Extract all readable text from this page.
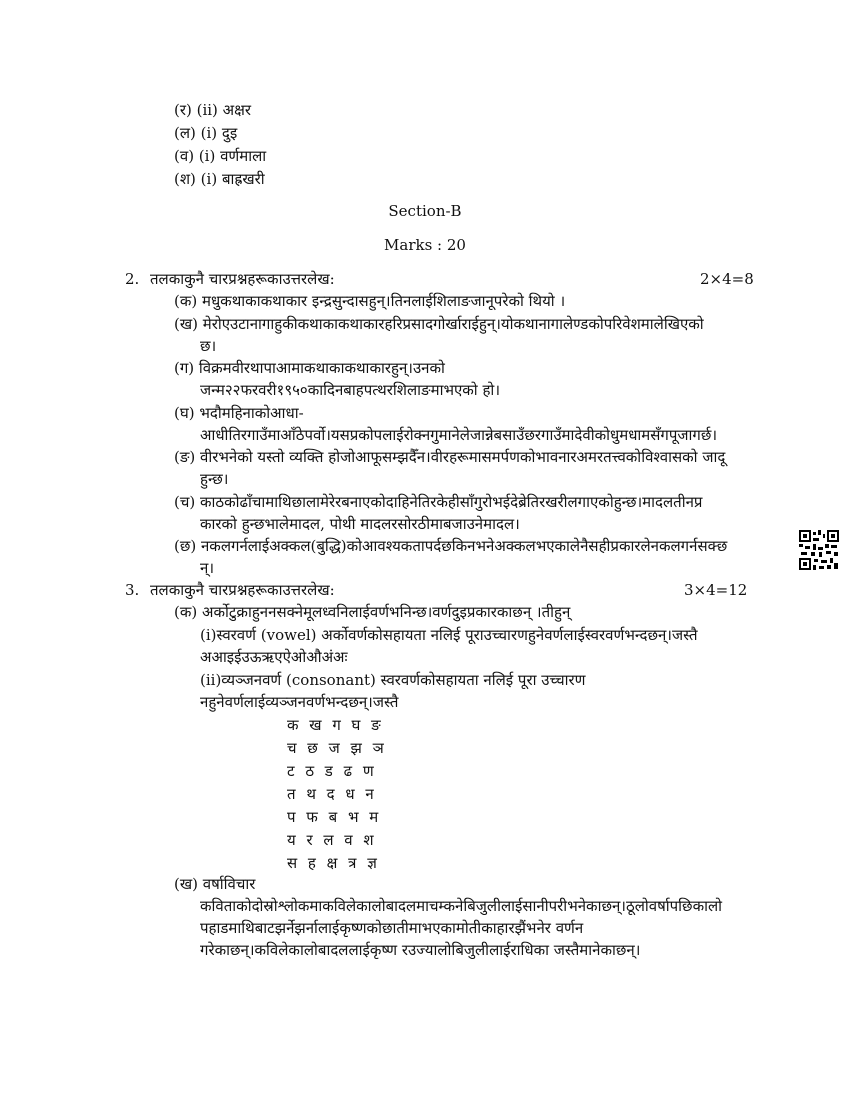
(र) (ii) अक्षर
(ल) (i) दुइ
(व) (i) वर्णमाला
(श) (i) बाह्रखरी
Section-B
Marks : 20
2. तलकाकुनै चारप्रश्नहरूकाउत्तरलेख:	2×4=8
(क) मधुकथाकाकथाकार इन्द्रसुन्दासहुन्।तिनलाईशिलाङजानूपरेको थियो ।
(ख) मेरोएउटानागाहुकीकथाकाकथाकारहरिप्रसादगोर्खाराईहुन्।योकथानागालेण्डकोपरिवेशमालेखिएको
छ।
(ग) विक्रमवीरथापाआमाकथाकाकथाकारहुन्।उनको
जन्म२२फरवरी१९५०कादिनबाहपत्थरशिलाङमाभएको हो।
(घ) भदौमहिनाकोआधा-
आधीतिरगाउँमाआँठेपर्वो।यसप्रकोपलाईरोक्नगुमानेलेजान्नेबसाउँछरगाउँमादेवीकोधुमधामसँगपूजागर्छ।
(ङ) वीरभनेको यस्तो व्यक्ति होजोआफूसम्झदैँन।वीरहरूमासमर्पणकोभावनारअमरतत्त्वकोविश्वासको जादू
हुन्छ।
(च) काठकोढाँचामाथिछालामेरेरबनाएकोदाहिनेतिरकेहीसाँगुरोभईदेब्रेतिरखरीलगाएकोहुन्छ।मादलतीनप्र
कारको हुन्छभालेमादल, पोथी मादलरसोरठीमाबजाउनेमादल।
(छ) नकलगर्नलाईअक्कल(बुद्धि)कोआवश्यकतापर्दछकिनभनेअक्कलभएकालेनैसहीप्रकारलेनकलगर्नसक्छ
न्।
3. तलकाकुनै चारप्रश्नहरूकाउत्तरलेख:	3×4=12
(क) अर्कोटुक्राहुननसक्नेमूलध्वनिलाईवर्णभनिन्छ।वर्णदुइप्रकारकाछन् ।तीहुन्
(i)स्वरवर्ण (vowel) अर्कोवर्णकोसहायता नलिई पूराउच्चारणहुनेवर्णलाईस्वरवर्णभन्दछन्।जस्तै
अआइईउऊऋएऐओऔअंअः
(ii)व्यञ्जनवर्ण (consonant) स्वरवर्णकोसहायता नलिई पूरा उच्चारण
नहुनेवर्णलाईव्यञ्जनवर्णभन्दछन्।जस्तै
क ख ग घ ङ
च छ ज झ ञ
ट ठ ड ढ ण
त थ द ध न
प फ ब भ म
य र ल व श
स ह क्ष त्र ज्ञ
(ख) वर्षाविचार
कविताकोदोस्रोश्लोकमाकविलेकालोबादलमाचम्कनेबिजुलीलाईसानीपरीभनेकाछन्।ठूलोवर्षापछिकालो
पहाडमाथिबाटझर्नेझर्नालाईकृष्णकोछातीमाभएकामोतीकाहारझैंभनेर वर्णन
गरेकाछन्।कविलेकालोबादललाईकृष्ण रउज्यालोबिजुलीलाईराधिका जस्तैमानेकाछन्।
